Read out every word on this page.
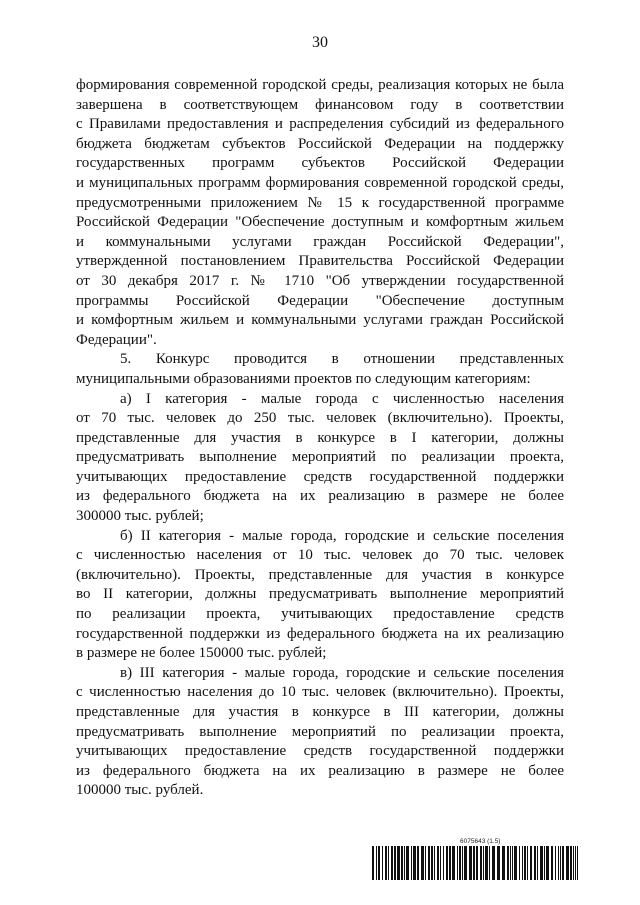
30
формирования современной городской среды, реализация которых не была
завершена в соответствующем финансовом году в соответствии
с Правилами предоставления и распределения субсидий из федерального
бюджета бюджетам субъектов Российской Федерации на поддержку
государственных программ субъектов Российской Федерации
и муниципальных программ формирования современной городской среды,
предусмотренными приложением № 15 к государственной программе
Российской Федерации "Обеспечение доступным и комфортным жильем
и коммунальными услугами граждан Российской Федерации",
утвержденной постановлением Правительства Российской Федерации
от 30 декабря 2017 г. № 1710 "Об утверждении государственной
программы Российской Федерации "Обеспечение доступным
и комфортным жильем и коммунальными услугами граждан Российской
Федерации".
5. Конкурс проводится в отношении представленных
муниципальными образованиями проектов по следующим категориям:
а) I категория - малые города с численностью населения
от 70 тыс. человек до 250 тыс. человек (включительно). Проекты,
представленные для участия в конкурсе в I категории, должны
предусматривать выполнение мероприятий по реализации проекта,
учитывающих предоставление средств государственной поддержки
из федерального бюджета на их реализацию в размере не более
300000 тыс. рублей;
б) II категория - малые города, городские и сельские поселения
с численностью населения от 10 тыс. человек до 70 тыс. человек
(включительно). Проекты, представленные для участия в конкурсе
во II категории, должны предусматривать выполнение мероприятий
по реализации проекта, учитывающих предоставление средств
государственной поддержки из федерального бюджета на их реализацию
в размере не более 150000 тыс. рублей;
в) III категория - малые города, городские и сельские поселения
с численностью населения до 10 тыс. человек (включительно). Проекты,
представленные для участия в конкурсе в III категории, должны
предусматривать выполнение мероприятий по реализации проекта,
учитывающих предоставление средств государственной поддержки
из федерального бюджета на их реализацию в размере не более
100000 тыс. рублей.
6075643 (1.5)
